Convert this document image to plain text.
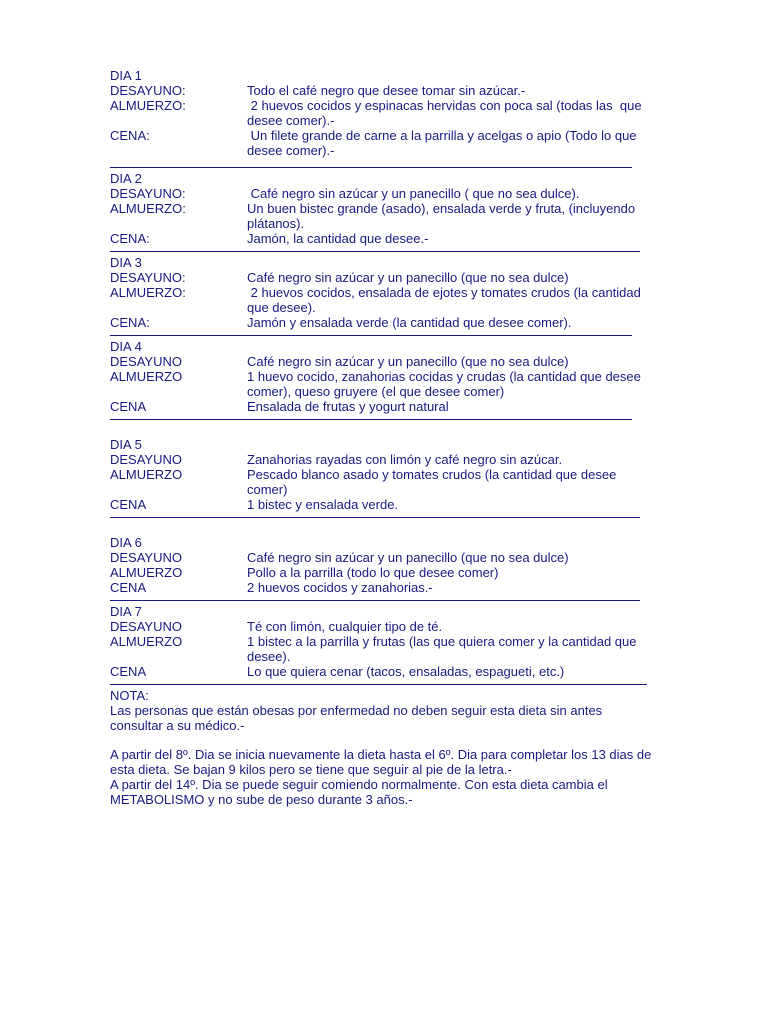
DIA 1
DESAYUNO:	Todo el café negro que desee tomar sin azúcar.-
ALMUERZO:	2 huevos cocidos y espinacas hervidas con poca sal (todas las  que desee comer).-
CENA:	Un filete grande de carne a la parrilla y acelgas o apio (Todo lo que desee comer).-
DIA 2
DESAYUNO:	Café negro sin azúcar y un panecillo ( que no sea dulce).
ALMUERZO:	Un buen bistec grande (asado), ensalada verde y fruta, (incluyendo plátanos).
CENA:	Jamón, la cantidad que desee.-
DIA 3
DESAYUNO:	Café negro sin azúcar y un panecillo (que no sea dulce)
ALMUERZO:	2 huevos cocidos, ensalada de ejotes y tomates crudos (la cantidad que desee).
CENA:	Jamón y ensalada verde (la cantidad que desee comer).
DIA 4
DESAYUNO	Café negro sin azúcar y un panecillo (que no sea dulce)
ALMUERZO	1 huevo cocido, zanahorias cocidas y crudas (la cantidad que desee comer), queso gruyere (el que desee comer)
CENA	Ensalada de frutas y yogurt natural
DIA 5
DESAYUNO	Zanahorias rayadas con limón y café negro sin azúcar.
ALMUERZO	Pescado blanco asado y tomates crudos (la cantidad que desee comer)
CENA	1 bistec y ensalada verde.
DIA 6
DESAYUNO	Café negro sin azúcar y un panecillo (que no sea dulce)
ALMUERZO	Pollo a la parrilla (todo lo que desee comer)
CENA	2 huevos cocidos y zanahorias.-
DIA 7
DESAYUNO	Té con limón, cualquier tipo de té.
ALMUERZO	1 bistec a la parrilla y frutas (las que quiera comer y la cantidad que desee).
CENA	Lo que quiera cenar (tacos, ensaladas, espagueti, etc.)

NOTA:

Las personas que están obesas por enfermedad no deben seguir esta dieta sin antes consultar a su médico.-

A partir del 8º. Dia se inicia nuevamente la dieta hasta el 6º. Dia para completar los 13 dias de esta dieta. Se bajan 9 kilos pero se tiene que seguir al pie de la letra.-

A partir del 14º. Dia se puede seguir comiendo normalmente. Con esta dieta cambia el METABOLISMO y no sube de peso durante 3 años.-
